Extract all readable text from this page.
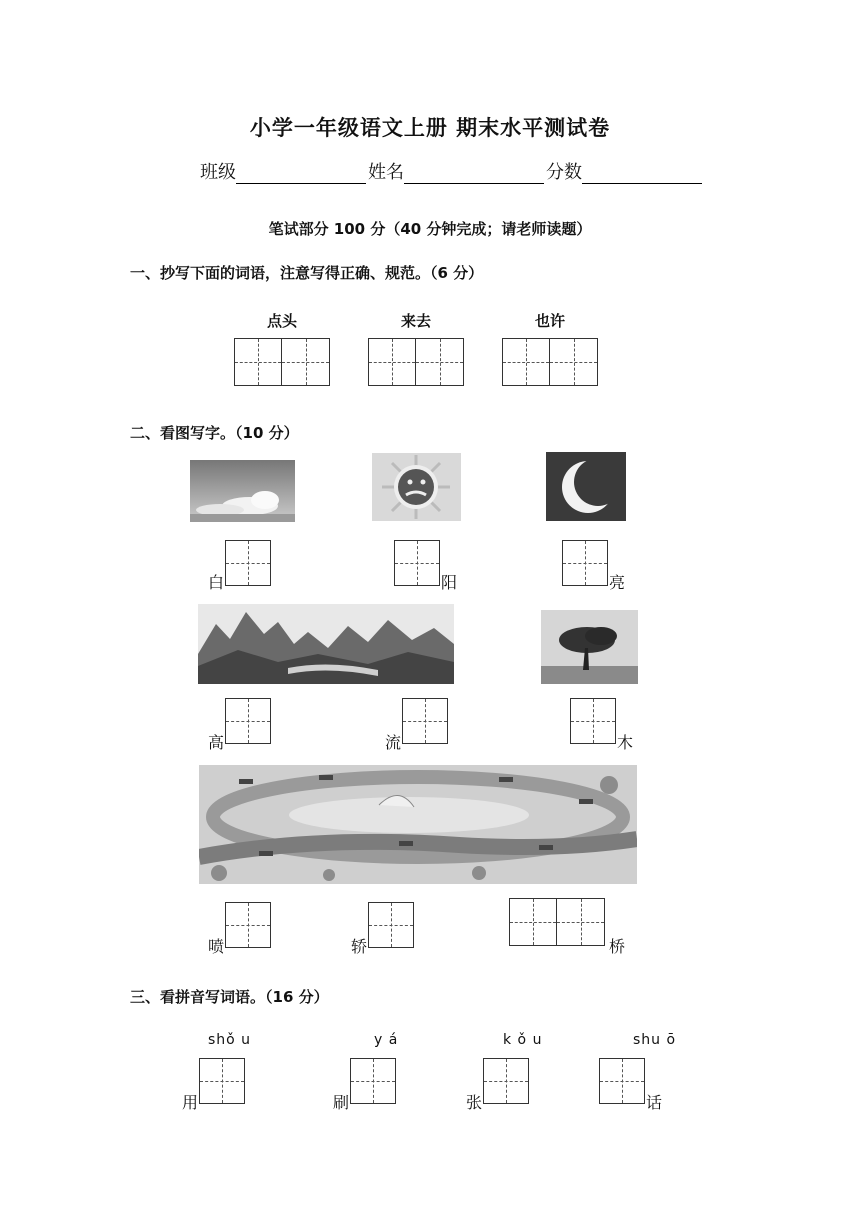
小学一年级语文上册 期末水平测试卷
班级	姓名	分数
笔试部分 100 分（40 分钟完成；请老师读题）
一、抄写下面的词语，注意写得正确、规范。（6 分）
点头	来去	也许
二、看图写字。（10 分）
白	阳	亮
高	流	木
喷	轿	桥
三、看拼音写词语。（16 分）
shǒ u	y á	k ǒ u	shu ō
用	刷	张	话
